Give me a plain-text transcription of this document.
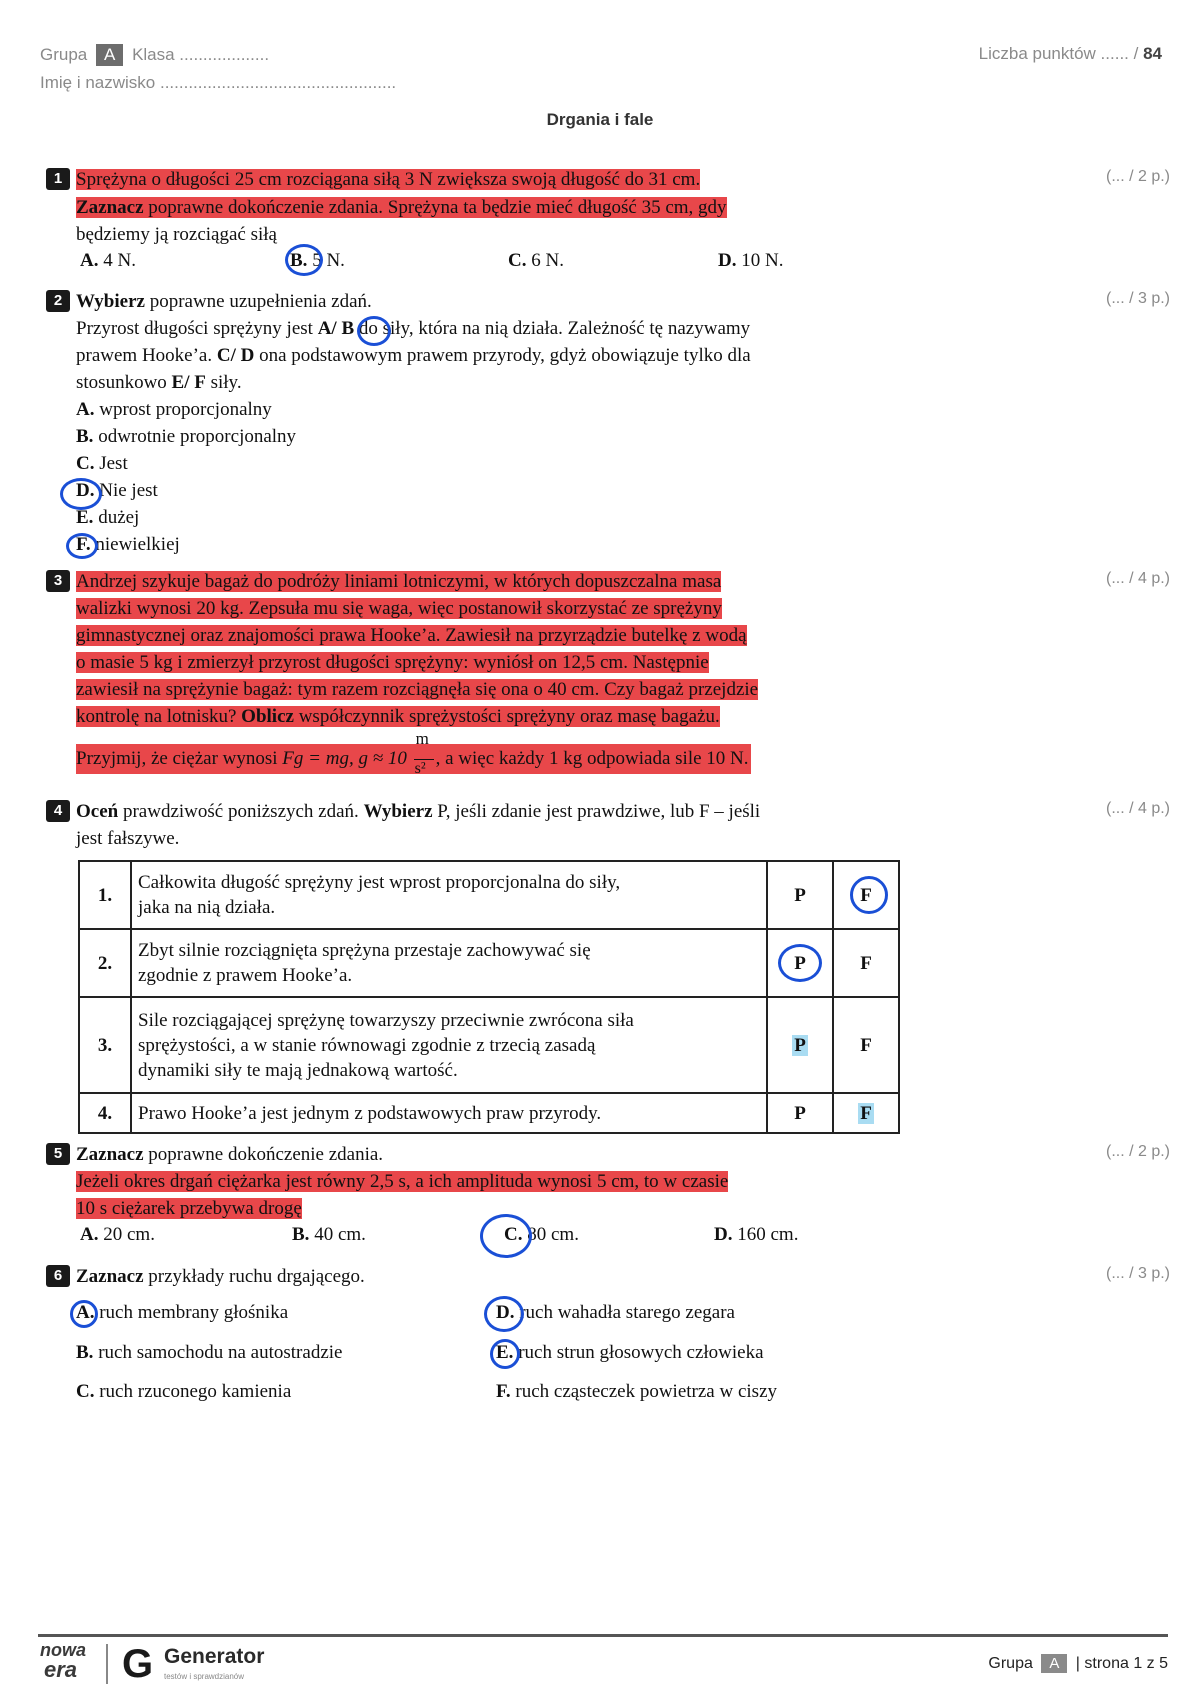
Grupa A Klasa ...................
Imię i nazwisko ..................................................
Liczba punktów ...... / 84
Drgania i fale
1	(... / 2 p.)
Sprężyna o długości 25 cm rozciągana siłą 3 N zwiększa swoją długość do 31 cm.
Zaznacz poprawne dokończenie zdania. Sprężyna ta będzie mieć długość 35 cm, gdy
będziemy ją rozciągać siłą
A. 4 N.	B. 5 N.	C. 6 N.	D. 10 N.
2	(... / 3 p.)
Wybierz poprawne uzupełnienia zdań.
Przyrost długości sprężyny jest A/ B do siły, która na nią działa. Zależność tę nazywamy
prawem Hooke’a. C/ D ona podstawowym prawem przyrody, gdyż obowiązuje tylko dla
stosunkowo E/ F siły.
A. wprost proporcjonalny
B. odwrotnie proporcjonalny
C. Jest
D. Nie jest
E. dużej
F. niewielkiej
3	(... / 4 p.)
Andrzej szykuje bagaż do podróży liniami lotniczymi, w których dopuszczalna masa
walizki wynosi 20 kg. Zepsuła mu się waga, więc postanowił skorzystać ze sprężyny
gimnastycznej oraz znajomości prawa Hooke’a. Zawiesił na przyrządzie butelkę z wodą
o masie 5 kg i zmierzył przyrost długości sprężyny: wyniósł on 12,5 cm. Następnie
zawiesił na sprężynie bagaż: tym razem rozciągnęła się ona o 40 cm. Czy bagaż przejdzie
kontrolę na lotnisku? Oblicz współczynnik sprężystości sprężyny oraz masę bagażu.
Przyjmij, że ciężar wynosi Fg = mg, $g \approx 10 \frac{m}{\text{s²}}$ , a więc każdy 1 kg odpowiada sile 10 N.
4	(... / 4 p.)
Oceń prawdziwość poniższych zdań. Wybierz P, jeśli zdanie jest prawdziwe, lub F – jeśli
jest fałszywe.
1.	Całkowita długość sprężyny jest wprost proporcjonalna do siły,
jaka na nią działa.	P	F

2.	Zbyt silnie rozciągnięta sprężyna przestaje zachowywać się
zgodnie z prawem Hooke’a.	P	F
3.	Sile rozciągającej sprężynę towarzyszy przeciwnie zwrócona siła
sprężystości, a w stanie równowagi zgodnie z trzecią zasadą
dynamiki siły te mają jednakową wartość.	P	F
4.	Prawo Hooke’a jest jednym z podstawowych praw przyrody.	P	F
5	(... / 2 p.)
Zaznacz poprawne dokończenie zdania.
Jeżeli okres drgań ciężarka jest równy 2,5 s, a ich amplituda wynosi 5 cm, to w czasie
10 s ciężarek przebywa drogę
A. 20 cm.	B. 40 cm.	C. 80 cm.	D. 160 cm.
6	(... / 3 p.)
Zaznacz przykłady ruchu drgającego.
A. ruch membrany głośnika
B. ruch samochodu na autostradzie
C. ruch rzuconego kamienia
D. ruch wahadła starego zegara
E. ruch strun głosowych człowieka
F. ruch cząsteczek powietrza w ciszy
nowa
era	G Generator
testów i sprawdzianów
Grupa A | strona 1 z 5
